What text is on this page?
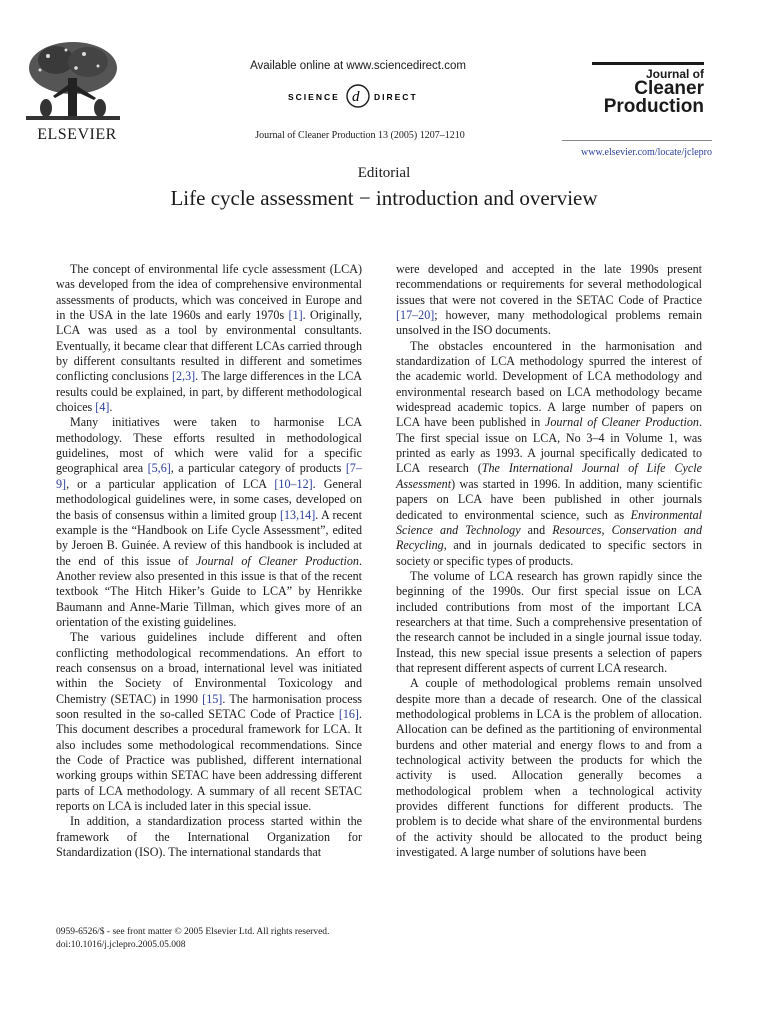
ELSEVIER
Available online at www.sciencedirect.com
SCIENCE d DIRECT
Journal of Cleaner Production 13 (2005) 1207–1210
Journal of
Cleaner
Production
www.elsevier.com/locate/jclepro
Editorial
Life cycle assessment − introduction and overview

The concept of environmental life cycle assessment (LCA) was developed from the idea of comprehensive environmental assessments of products, which was conceived in Europe and in the USA in the late 1960s and early 1970s [1]. Originally, LCA was used as a tool by environmental consultants. Eventually, it became clear that different LCAs carried through by different consultants resulted in different and sometimes conflicting conclusions [2,3]. The large differences in the LCA results could be explained, in part, by different methodological choices [4].

Many initiatives were taken to harmonise LCA methodology. These efforts resulted in methodological guidelines, most of which were valid for a specific geographical area [5,6], a particular category of products [7–9], or a particular application of LCA [10–12]. General methodological guidelines were, in some cases, developed on the basis of consensus within a limited group [13,14]. A recent example is the “Handbook on Life Cycle Assessment”, edited by Jeroen B. Guinée. A review of this handbook is included at the end of this issue of Journal of Cleaner Production. Another review also presented in this issue is that of the recent textbook “The Hitch Hiker’s Guide to LCA” by Henrikke Baumann and Anne-Marie Tillman, which gives more of an orientation of the existing guidelines.

The various guidelines include different and often conflicting methodological recommendations. An effort to reach consensus on a broad, international level was initiated within the Society of Environmental Toxicology and Chemistry (SETAC) in 1990 [15]. The harmonisation process soon resulted in the so-called SETAC Code of Practice [16]. This document describes a procedural framework for LCA. It also includes some methodological recommendations. Since the Code of Practice was published, different international working groups within SETAC have been addressing different parts of LCA methodology. A summary of all recent SETAC reports on LCA is included later in this special issue.

In addition, a standardization process started within the framework of the International Organization for Standardization (ISO). The international standards that

were developed and accepted in the late 1990s present recommendations or requirements for several methodological issues that were not covered in the SETAC Code of Practice [17–20]; however, many methodological problems remain unsolved in the ISO documents.

The obstacles encountered in the harmonisation and standardization of LCA methodology spurred the interest of the academic world. Development of LCA methodology and environmental research based on LCA methodology became widespread academic topics. A large number of papers on LCA have been published in Journal of Cleaner Production. The first special issue on LCA, No 3–4 in Volume 1, was printed as early as 1993. A journal specifically dedicated to LCA research (The International Journal of Life Cycle Assessment) was started in 1996. In addition, many scientific papers on LCA have been published in other journals dedicated to environmental science, such as Environmental Science and Technology and Resources, Conservation and Recycling, and in journals dedicated to specific sectors in society or specific types of products.

The volume of LCA research has grown rapidly since the beginning of the 1990s. Our first special issue on LCA included contributions from most of the important LCA researchers at that time. Such a comprehensive presentation of the research cannot be included in a single journal issue today. Instead, this new special issue presents a selection of papers that represent different aspects of current LCA research.

A couple of methodological problems remain unsolved despite more than a decade of research. One of the classical methodological problems in LCA is the problem of allocation. Allocation can be defined as the partitioning of environmental burdens and other material and energy flows to and from a technological activity between the products for which the activity is used. Allocation generally becomes a methodological problem when a technological activity provides different functions for different products. The problem is to decide what share of the environmental burdens of the activity should be allocated to the product being investigated. A large number of solutions have been

0959-6526/$ - see front matter © 2005 Elsevier Ltd. All rights reserved.
doi:10.1016/j.jclepro.2005.05.008
